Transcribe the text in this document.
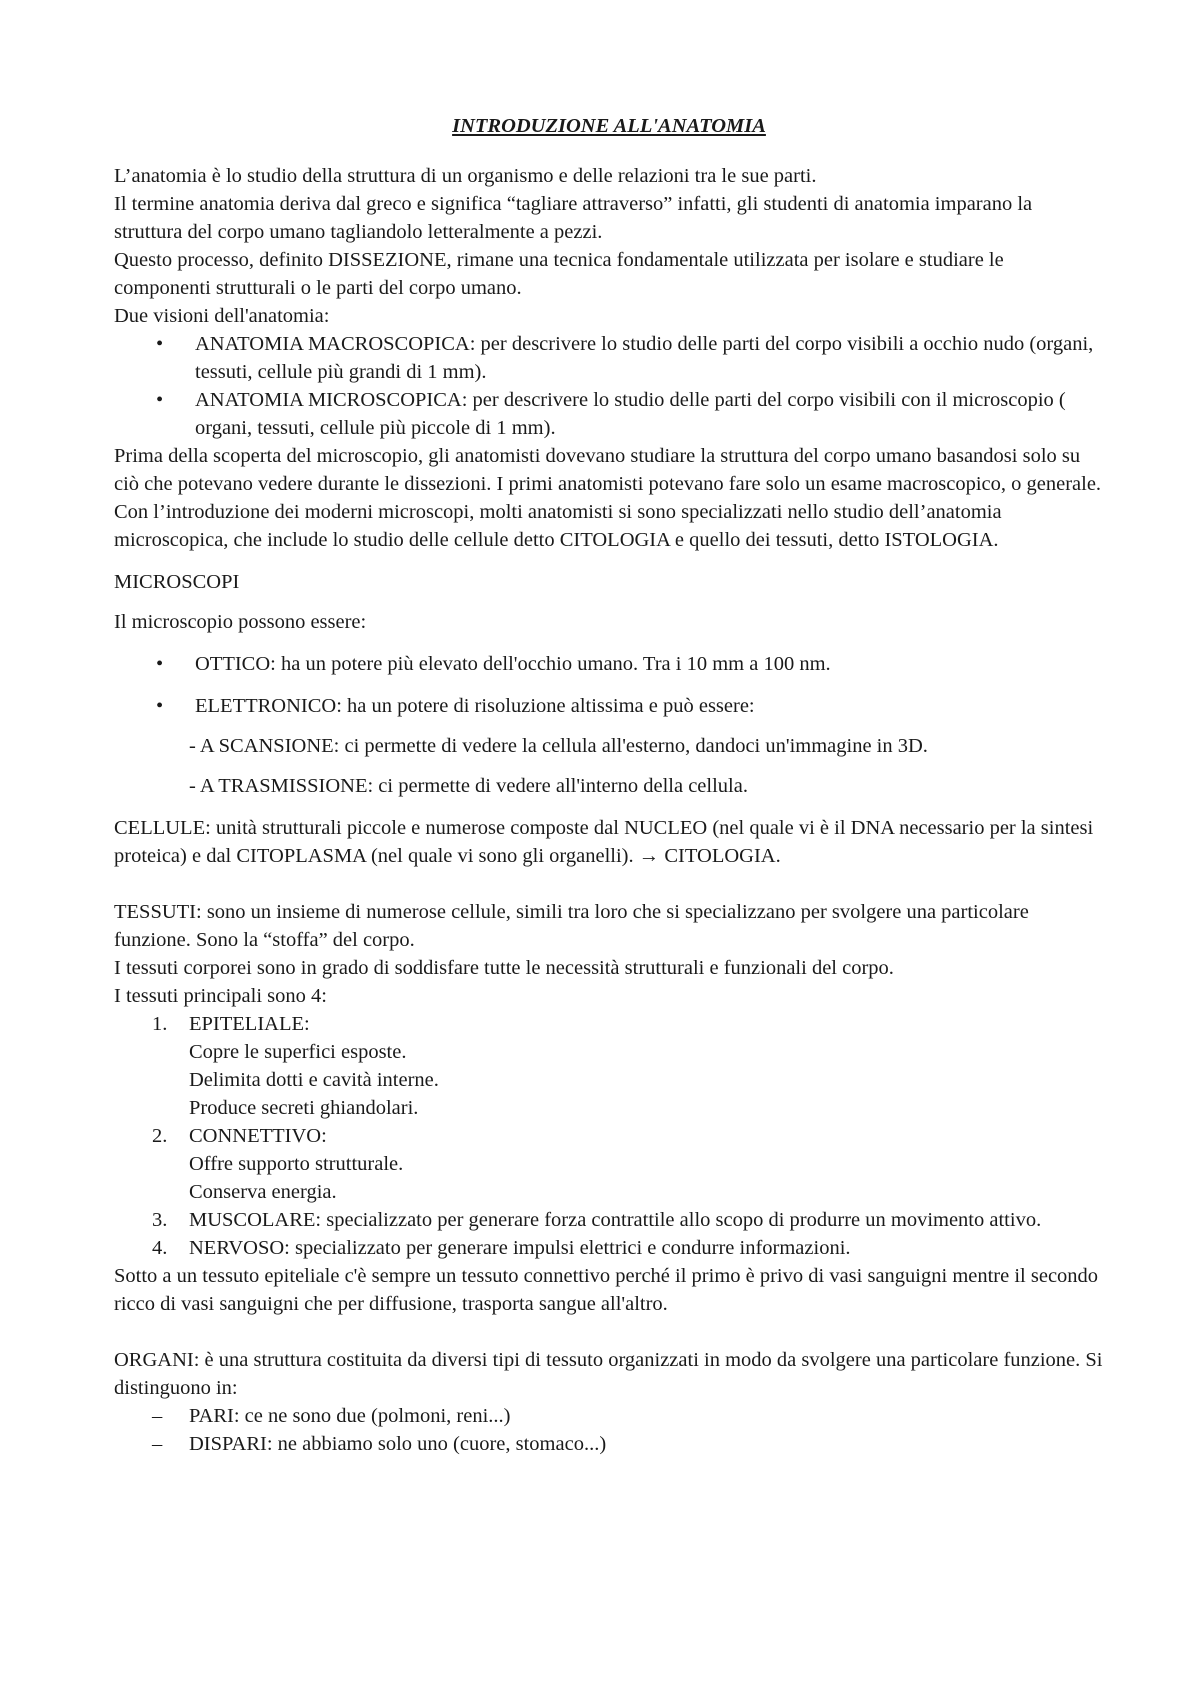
INTRODUZIONE ALL'ANATOMIA

L’anatomia è lo studio della struttura di un organismo e delle relazioni tra le sue parti.

Il termine anatomia deriva dal greco e significa “tagliare attraverso” infatti, gli studenti di anatomia imparano la struttura del corpo umano tagliandolo letteralmente a pezzi.

Questo processo, definito DISSEZIONE, rimane una tecnica fondamentale utilizzata per isolare e studiare le componenti strutturali o le parti del corpo umano.

Due visioni dell'anatomia:

• ANATOMIA MACROSCOPICA: per descrivere lo studio delle parti del corpo visibili a occhio nudo (organi, tessuti, cellule più grandi di 1 mm).
• ANATOMIA MICROSCOPICA: per descrivere lo studio delle parti del corpo visibili con il microscopio ( organi, tessuti, cellule più piccole di 1 mm).

Prima della scoperta del microscopio, gli anatomisti dovevano studiare la struttura del corpo umano basandosi solo su ciò che potevano vedere durante le dissezioni. I primi anatomisti potevano fare solo un esame macroscopico, o generale. Con l’introduzione dei moderni microscopi, molti anatomisti si sono specializzati nello studio dell’anatomia microscopica, che include lo studio delle cellule detto CITOLOGIA e quello dei tessuti, detto ISTOLOGIA.

MICROSCOPI

Il microscopio possono essere:

• OTTICO: ha un potere più elevato dell'occhio umano. Tra i 10 mm a 100 nm.
• ELETTRONICO: ha un potere di risoluzione altissima e può essere:

- A SCANSIONE: ci permette di vedere la cellula all'esterno, dandoci un'immagine in 3D.

- A TRASMISSIONE: ci permette di vedere all'interno della cellula.

CELLULE: unità strutturali piccole e numerose composte dal NUCLEO (nel quale vi è il DNA necessario per la sintesi proteica) e dal CITOPLASMA (nel quale vi sono gli organelli). → CITOLOGIA.

TESSUTI: sono un insieme di numerose cellule, simili tra loro che si specializzano per svolgere una particolare funzione. Sono la “stoffa” del corpo.

I tessuti corporei sono in grado di soddisfare tutte le necessità strutturali e funzionali del corpo.

I tessuti principali sono 4:

1. EPITELIALE:
Copre le superfici esposte.
Delimita dotti e cavità interne.
Produce secreti ghiandolari.
2. CONNETTIVO:
Offre supporto strutturale.
Conserva energia.
3. MUSCOLARE: specializzato per generare forza contrattile allo scopo di produrre un movimento attivo.
4. NERVOSO: specializzato per generare impulsi elettrici e condurre informazioni.

Sotto a un tessuto epiteliale c'è sempre un tessuto connettivo perché il primo è privo di vasi sanguigni mentre il secondo ricco di vasi sanguigni che per diffusione, trasporta sangue all'altro.

ORGANI: è una struttura costituita da diversi tipi di tessuto organizzati in modo da svolgere una particolare funzione. Si distinguono in:

– PARI: ce ne sono due (polmoni, reni...)
– DISPARI: ne abbiamo solo uno (cuore, stomaco...)
